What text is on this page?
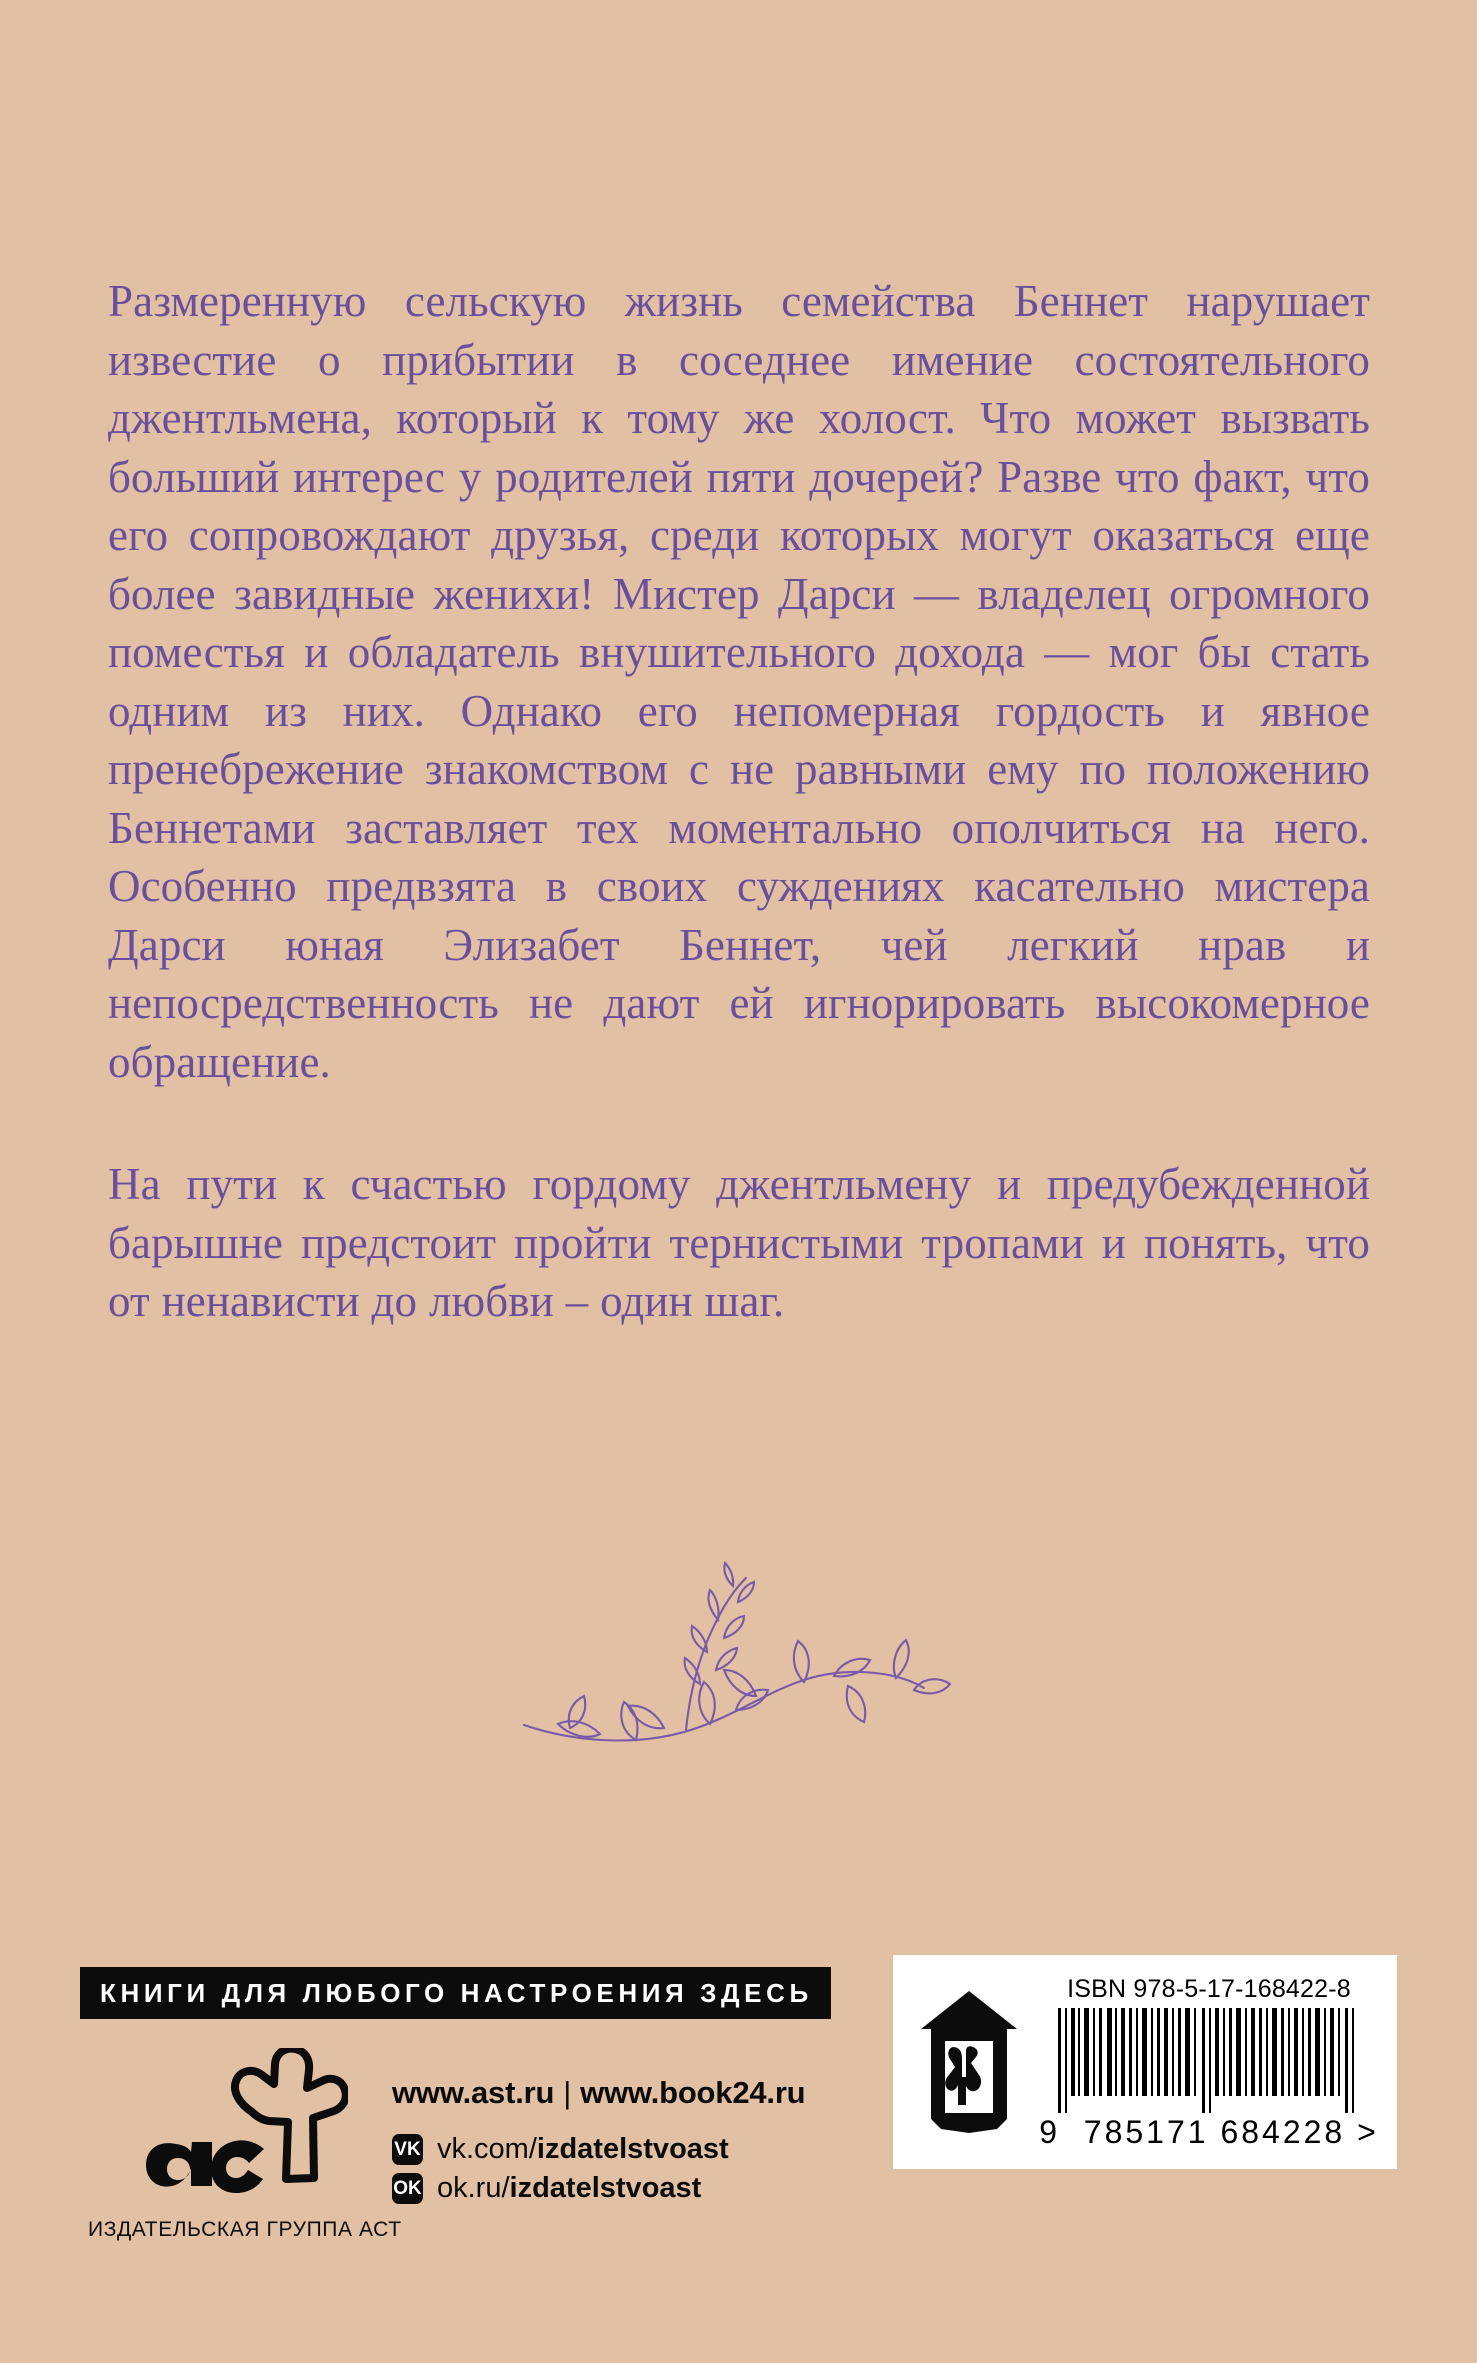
Размеренную сельскую жизнь семейства Беннет нарушает известие о прибытии в соседнее имение состоятельного джентльмена, который к тому же холост. Что может вызвать больший интерес у родителей пяти дочерей? Разве что факт, что его сопровождают друзья, среди которых могут оказаться еще более завидные женихи! Мистер Дарси — владелец огромного поместья и обладатель внушительного дохода — мог бы стать одним из них. Однако его непомерная гордость и явное пренебрежение знакомством с не равными ему по положению Беннетами заставляет тех моментально ополчиться на него. Особенно предвзята в своих суждениях касательно мистера Дарси юная Элизабет Беннет, чей легкий нрав и непосредственность не дают ей игнорировать высокомерное обращение.

На пути к счастью гордому джентльмену и предубежденной барышне предстоит пройти тернистыми тропами и понять, что от ненависти до любви – один шаг.

КНИГИ ДЛЯ ЛЮБОГО НАСТРОЕНИЯ ЗДЕСЬ
ИЗДАТЕЛЬСКАЯ ГРУППА АСТ
www.ast.ru | www.book24.ru
VK vk.com/izdatelstvoast
OK ok.ru/izdatelstvoast
ISBN 978-5-17-168422-8
9 785171 684228 >
